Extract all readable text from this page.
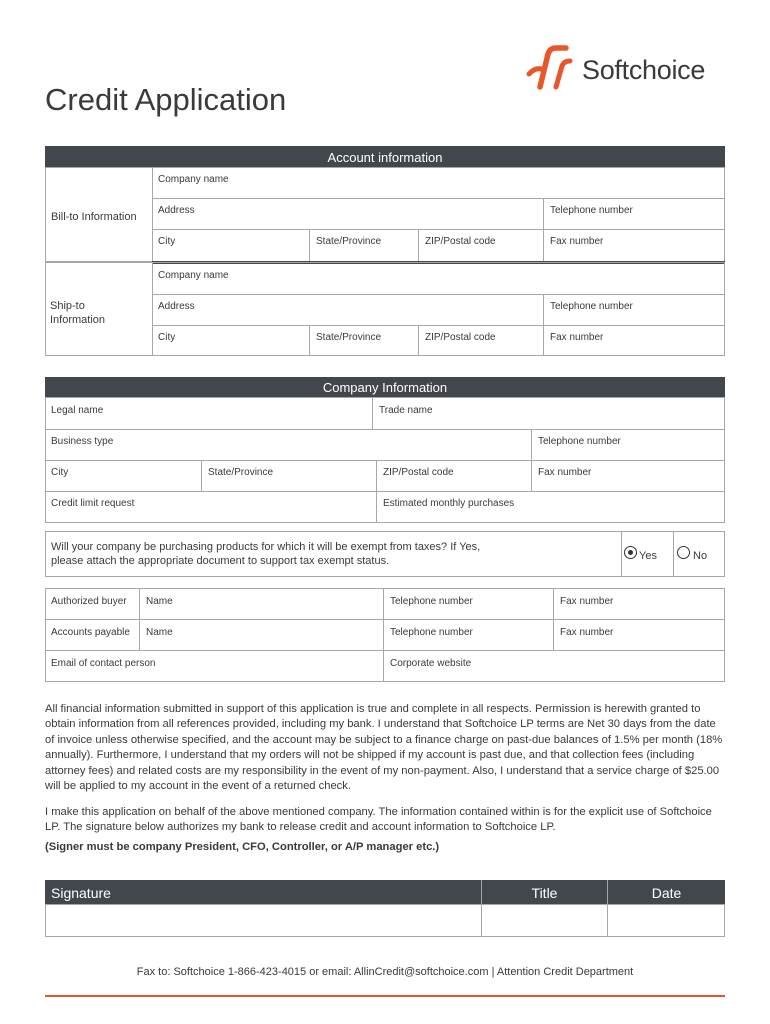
Softchoice
Credit Application
Account information
Bill-to Information
Company name
Address	Telephone number
City	State/Province	ZIP/Postal code	Fax number
Ship-to Information
Company name
Address	Telephone number
City	State/Province	ZIP/Postal code	Fax number
Company Information
Legal name	Trade name
Business type	Telephone number
City	State/Province	ZIP/Postal code	Fax number
Credit limit request	Estimated monthly purchases
Will your company be purchasing products for which it will be exempt from taxes? If Yes,
please attach the appropriate document to support tax exempt status.	Yes	No
Authorized buyer	Name	Telephone number	Fax number
Accounts payable	Name	Telephone number	Fax number
Email of contact person	Corporate website
All financial information submitted in support of this application is true and complete in all respects. Permission is herewith granted to obtain information from all references provided, including my bank. I understand that Softchoice LP terms are Net 30 days from the date of invoice unless otherwise specified, and the account may be subject to a finance charge on past-due balances of 1.5% per month (18% annually). Furthermore, I understand that my orders will not be shipped if my account is past due, and that collection fees (including attorney fees) and related costs are my responsibility in the event of my non-payment. Also, I understand that a service charge of $25.00 will be applied to my account in the event of a returned check.
I make this application on behalf of the above mentioned company. The information contained within is for the explicit use of Softchoice LP. The signature below authorizes my bank to release credit and account information to Softchoice LP.
(Signer must be company President, CFO, Controller, or A/P manager etc.)
Signature	Title	Date
Fax to: Softchoice 1-866-423-4015 or email: AllinCredit@softchoice.com | Attention Credit Department
